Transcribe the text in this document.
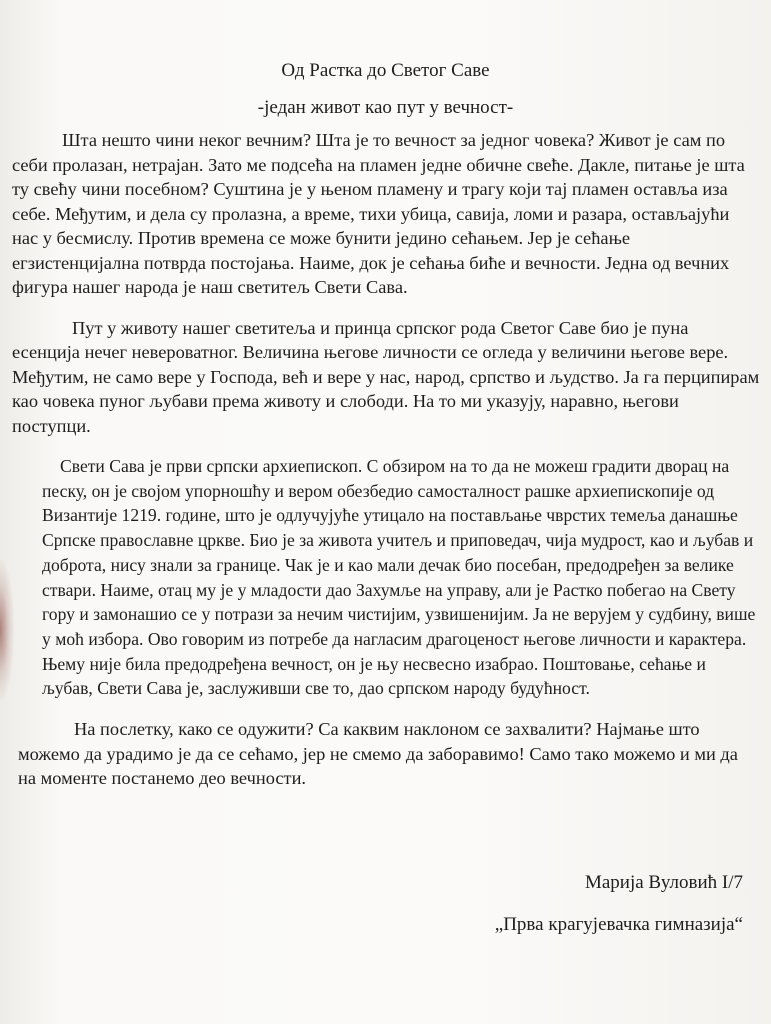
Од Растка до Светог Саве

-један живот као пут у вечност-

Шта нешто чини неког вечним? Шта је то вечност за једног човека? Живот је сам по себи пролазан, нетрајан. Зато ме подсећа на пламен једне обичне свеће. Дакле, питање је шта ту свећу чини посебном? Суштина је у њеном пламену и трагу који тај пламен оставља иза себе. Међутим, и дела су пролазна, а време, тихи убица, савија, ломи и разара, остављајући нас у бесмислу. Против времена се може бунити једино сећањем. Јер је сећање егзистенцијална потврда постојања. Наиме, док је сећања биће и вечности. Једна од вечних фигура нашег народа је наш светитељ Свети Сава.

Пут у животу нашег светитеља и принца српског рода Светог Саве био је пуна есенција нечег невероватног. Величина његове личности се огледа у величини његове вере. Међутим, не само вере у Господа, већ и вере у нас, народ, српство и људство. Ја га перципирам као човека пуног љубави према животу и слободи. На то ми указују, наравно, његови поступци.

Свети Сава је први српски архиепископ. С обзиром на то да не можеш градити дворац на песку, он је својом упорношћу и вером обезбедио самосталност рашке архиепископије од Византије 1219. године, што је одлучујуће утицало на постављање чврстих темеља данашње Српске православне цркве. Био је за живота учитељ и приповедач, чија мудрост, као и љубав и доброта, нису знали за границе. Чак је и као мали дечак био посебан, предодређен за велике ствари. Наиме, отац му је у младости дао Захумље на управу, али је Растко побегао на Свету гору и замонашио се у потрази за нечим чистијим, узвишенијим. Ја не верујем у судбину, више у моћ избора. Ово говорим из потребе да нагласим драгоценост његове личности и карактера. Њему није била предодређена вечност, он је њу несвесно изабрао. Поштовање, сећање и љубав, Свети Сава је, заслуживши све то, дао српском народу будућност.

На послетку, како се одужити? Са каквим наклоном се захвалити? Најмање што можемо да урадимо је да се сећамо, јер не смемо да заборавимо! Само тако можемо и ми да на моменте постанемо део вечности.

Марија Вуловић I/7

„Прва крагујевачка гимназија“
